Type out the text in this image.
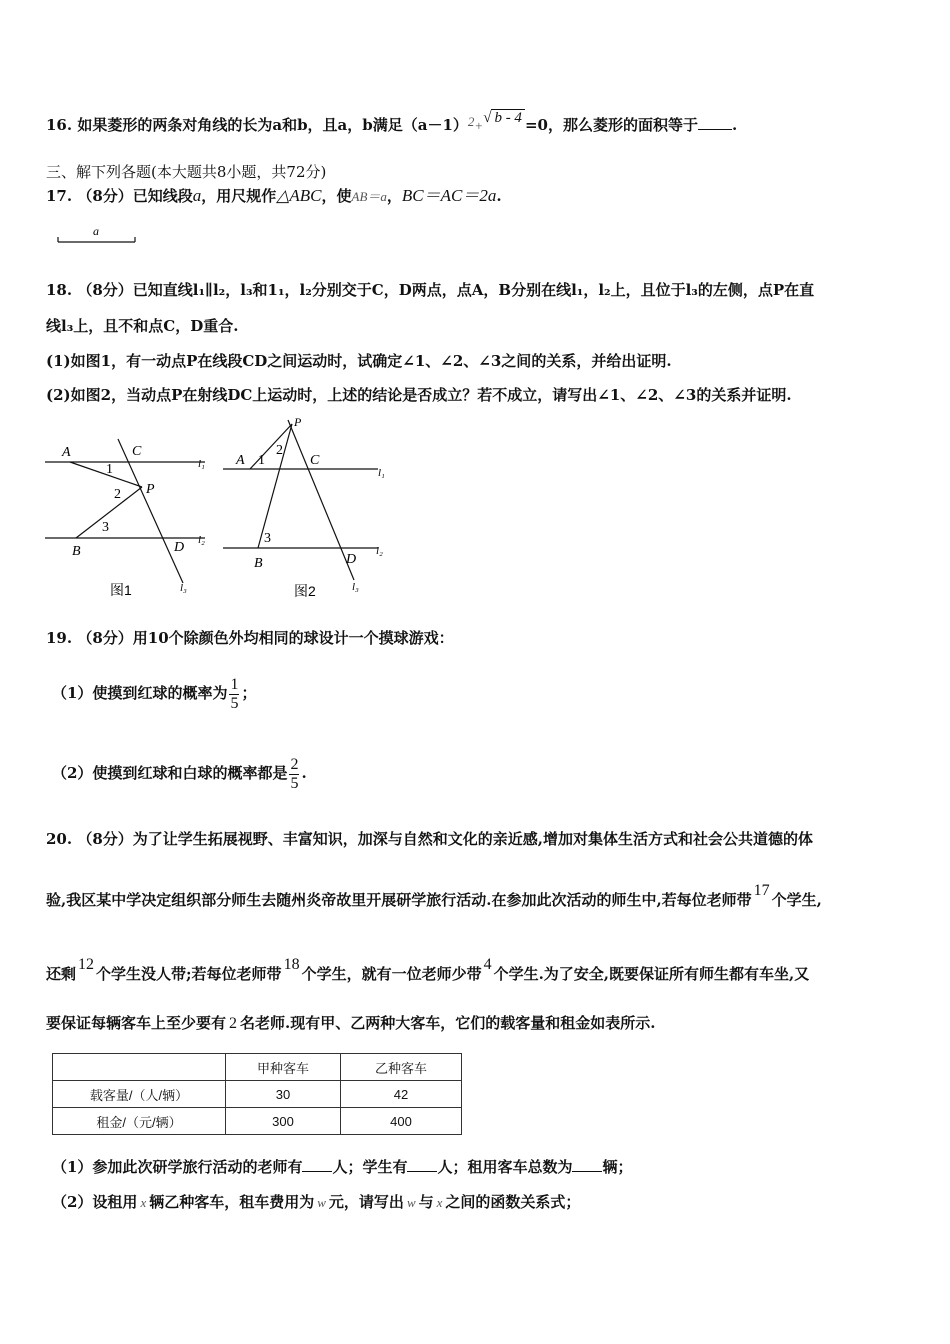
16. 如果菱形的两条对角线的长为a和b，且a，b满足（a－1）2+√ b - 4 =0，那么菱形的面积等于 .
三、解下列各题(本大题共8小题，共72分)
17. （8分）已知线段a，用尺规作△ABC，使AB＝a，BC＝AC＝2a.
a
18. （8分）已知直线l₁∥l₂，l₃和1₁，l₂分别交于C，D两点，点A，B分别在线l₁，l₂上，且位于l₃的左侧，点P在直
线l₃上，且不和点C，D重合.
(1)如图1，有一动点P在线段CD之间运动时，试确定∠1、∠2、∠3之间的关系，并给出证明.
(2)如图2，当动点P在射线DC上运动时，上述的结论是否成立？若不成立，请写出∠1、∠2、∠3的关系并证明.
A	C
P
B	D
1
2
3
l₁
l₂
l₃
图1
P
A	C
1
2
3
B	D
l₁
l₂
l₃
图2
19. （8分）用10个除颜色外均相同的球设计一个摸球游戏：
（1）使摸到红球的概率为 $\frac{1}{5}$ ；
（2）使摸到红球和白球的概率都是 $\frac{2}{5}$ .
20. （8分）为了让学生拓展视野、丰富知识，加深与自然和文化的亲近感,增加对集体生活方式和社会公共道德的体
验,我区某中学决定组织部分师生去随州炎帝故里开展研学旅行活动.在参加此次活动的师生中,若每位老师带17个学生,
还剩12个学生没人带;若每位老师带18个学生，就有一位老师少带4个学生.为了安全,既要保证所有师生都有车坐,又
要保证每辆客车上至少要有 2 名老师.现有甲、乙两种大客车，它们的载客量和租金如表所示.
	甲种客车	乙种客车
载客量/（人/辆）	30	42
租金/（元/辆）	300	400
（1）参加此次研学旅行活动的老师有 人；学生有 人；租用客车总数为 辆；
（2）设租用 x 辆乙种客车，租车费用为 w 元，请写出 w 与 x 之间的函数关系式；
